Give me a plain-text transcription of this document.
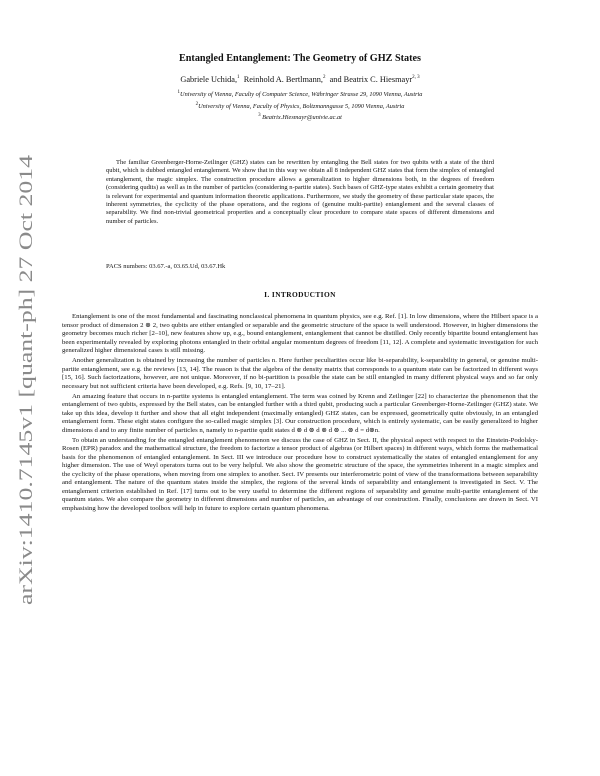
arXiv:1410.7145v1 [quant-ph] 27 Oct 2014
Entangled Entanglement: The Geometry of GHZ States
Gabriele Uchida,$^1$ Reinhold A. Bertlmann,$^2$ and Beatrix C. Hiesmayr$^{2, 3}$
$^1$University of Vienna, Faculty of Computer Science, Währinger Strasse 29, 1090 Vienna, Austria
$^2$University of Vienna, Faculty of Physics, Boltzmanngasse 5, 1090 Vienna, Austria
$^3$ Beatrix.Hiesmayr@univie.ac.at
The familiar Greenberger-Horne-Zeilinger (GHZ) states can be rewritten by entangling the Bell states for two qubits with a state of the third qubit, which is dubbed entangled entanglement. We show that in this way we obtain all 8 independent GHZ states that form the simplex of entangled entanglement, the magic simplex. The construction procedure allows a generalization to higher dimensions both, in the degrees of freedom (considering qudits) as well as in the number of particles (considering n-partite states). Such bases of GHZ-type states exhibit a certain geometry that is relevant for experimental and quantum information theoretic applications. Furthermore, we study the geometry of these particular state spaces, the inherent symmetries, the cyclicity of the phase operations, and the regions of (genuine multi-partite) entanglement and the several classes of separability. We find non-trivial geometrical properties and a conceptually clear procedure to compare state spaces of different dimensions and number of particles.
PACS numbers: 03.67.-a, 03.65.Ud, 03.67.Hk
I. INTRODUCTION

Entanglement is one of the most fundamental and fascinating nonclassical phenomena in quantum physics, see e.g. Ref. [1]. In low dimensions, where the Hilbert space is a tensor product of dimension 2 ⊗ 2, two qubits are either entangled or separable and the geometric structure of the space is well understood. However, in higher dimensions the geometry becomes much richer [2–10], new features show up, e.g., bound entanglement, entanglement that cannot be distilled. Only recently bipartite bound entanglement has been experimentally revealed by exploring photons entangled in their orbital angular momentum degrees of freedom [11, 12]. A complete and systematic investigation for such generalized higher dimensional cases is still missing.

Another generalization is obtained by increasing the number of particles n. Here further peculiarities occur like bi-separability, k-separability in general, or genuine multi-partite entanglement, see e.g. the reviews [13, 14]. The reason is that the algebra of the density matrix that corresponds to a quantum state can be factorized in different ways [15, 16]. Such factorizations, however, are not unique. Moreover, if no bi-partition is possible the state can be still entangled in many different physical ways and so far only necessary but not sufficient criteria have been developed, e.g. Refs. [9, 10, 17–21].

An amazing feature that occurs in n-partite systems is entangled entanglement. The term was coined by Krenn and Zeilinger [22] to characterize the phenomenon that the entanglement of two qubits, expressed by the Bell states, can be entangled further with a third qubit, producing such a particular Greenberger-Horne-Zeilinger (GHZ) state. We take up this idea, develop it further and show that all eight independent (maximally entangled) GHZ states, can be expressed, geometrically quite obviously, in an entangled entanglement form. These eight states configure the so-called magic simplex [3]. Our construction procedure, which is entirely systematic, can be easily generalized to higher dimensions d and to any finite number of particles n, namely to n-partite qudit states d ⊗ d ⊗ d ⊗ d ⊗ ... ⊗ d = d⊗n.

To obtain an understanding for the entangled entanglement phenomenon we discuss the case of GHZ in Sect. II, the physical aspect with respect to the Einstein-Podolsky-Rosen (EPR) paradox and the mathematical structure, the freedom to factorize a tensor product of algebras (or Hilbert spaces) in different ways, which forms the mathematical basis for the phenomenon of entangled entanglement. In Sect. III we introduce our procedure how to construct systematically the states of entangled entanglement for any higher dimension. The use of Weyl operators turns out to be very helpful. We also show the geometric structure of the space, the symmetries inherent in a magic simplex and the cyclicity of the phase operations, when moving from one simplex to another. Sect. IV presents our interferometric point of view of the transformations between separability and entanglement. The nature of the quantum states inside the simplex, the regions of the several kinds of separability and entanglement is investigated in Sect. V. The entanglement criterion established in Ref. [17] turns out to be very useful to determine the different regions of separability and genuine multi-partite entanglement of the quantum states. We also compare the geometry in different dimensions and number of particles, an advantage of our construction. Finally, conclusions are drawn in Sect. VI emphasising how the developed toolbox will help in future to explore certain quantum phenomena.
